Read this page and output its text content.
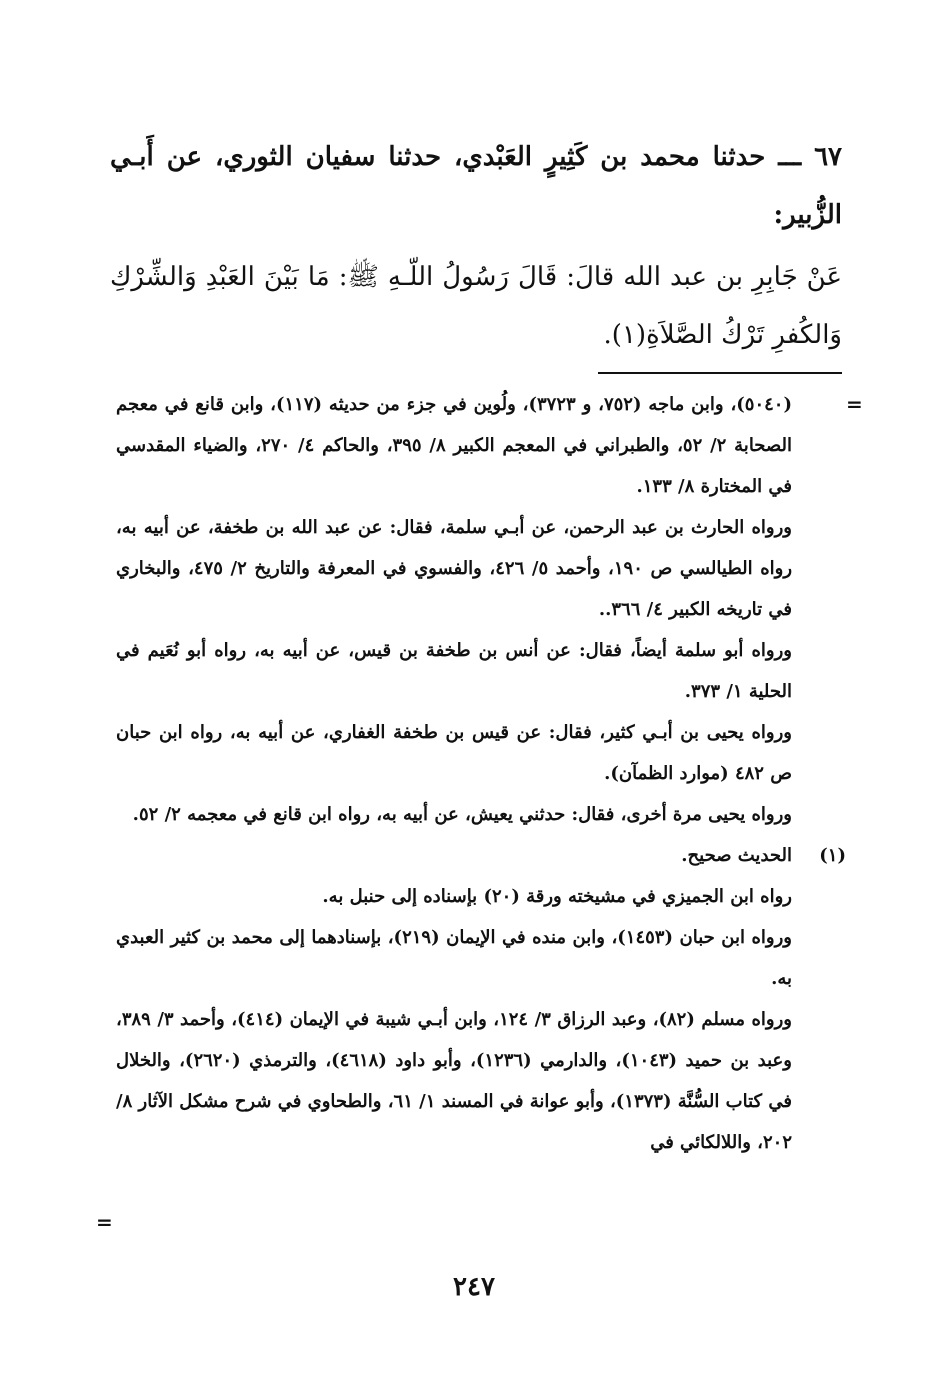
٦٧ ـــ حدثنا محمد بن كَثِيرٍ العَبْدي، حدثنا سفيان الثوري، عن أَبـي الزُّبير:

عَنْ جَابِرِ بن عبد الله قالَ: قَالَ رَسُولُ اللّـهِ ﷺ: مَا بَيْنَ العَبْدِ وَالشِّرْكِ وَالكُفرِ تَرْكُ الصَّلاَةِ(١).

=

(٥٠٤٠)، وابن ماجه (٧٥٢، و ٣٧٢٣)، ولُوين في جزء من حديثه (١١٧)، وابن قانع في معجم الصحابة ٢/ ٥٢، والطبراني في المعجم الكبير ٨/ ٣٩٥، والحاكم ٤/ ٢٧٠، والضياء المقدسي في المختارة ٨/ ١٣٣.

ورواه الحارث بن عبد الرحمن، عن أبـي سلمة، فقال: عن عبد الله بن طخفة، عن أبيه به، رواه الطيالسي ص ١٩٠، وأحمد ٥/ ٤٢٦، والفسوي في المعرفة والتاريخ ٢/ ٤٧٥، والبخاري في تاريخه الكبير ٤/ ٣٦٦..

ورواه أبو سلمة أيضاً، فقال: عن أنس بن طخفة بن قيس، عن أبيه به، رواه أبو نُعَيم في الحلية ١/ ٣٧٣.

ورواه يحيى بن أبـي كثير، فقال: عن قيس بن طخفة الغفاري، عن أبيه به، رواه ابن حبان ص ٤٨٢ (موارد الظمآن).

ورواه يحيى مرة أخرى، فقال: حدثني يعيش، عن أبيه به، رواه ابن قانع في معجمه ٢/ ٥٢.

(١)
الحديث صحيح.

رواه ابن الجميزي في مشيخته ورقة (٢٠) بإسناده إلى حنبل به.

ورواه ابن حبان (١٤٥٣)، وابن منده في الإيمان (٢١٩)، بإسنادهما إلى محمد بن كثير العبدي به.

ورواه مسلم (٨٢)، وعبد الرزاق ٣/ ١٢٤، وابن أبـي شيبة في الإيمان (٤١٤)، وأحمد ٣/ ٣٨٩، وعبد بن حميد (١٠٤٣)، والدارمي (١٢٣٦)، وأبو داود (٤٦١٨)، والترمذي (٢٦٢٠)، والخلال في كتاب السُّنَّة (١٣٧٣)، وأبو عوانة في المسند ١/ ٦١، والطحاوي في شرح مشكل الآثار ٨/ ٢٠٢، واللالكائي في

=
٢٤٧
